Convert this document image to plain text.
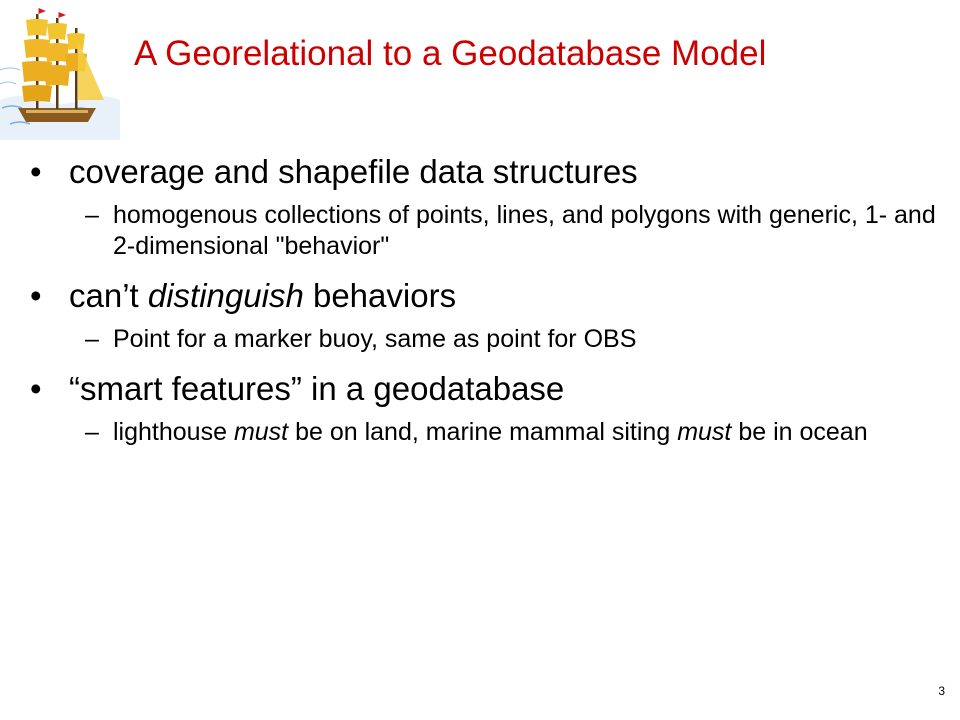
A Georelational to a Geodatabase Model
• coverage and shapefile data structures
– homogenous collections of points, lines, and polygons with generic, 1- and 2-dimensional "behavior"
• can’t distinguish behaviors
– Point for a marker buoy, same as point for OBS
• “smart features” in a geodatabase
– lighthouse must be on land, marine mammal siting must be in ocean
3
